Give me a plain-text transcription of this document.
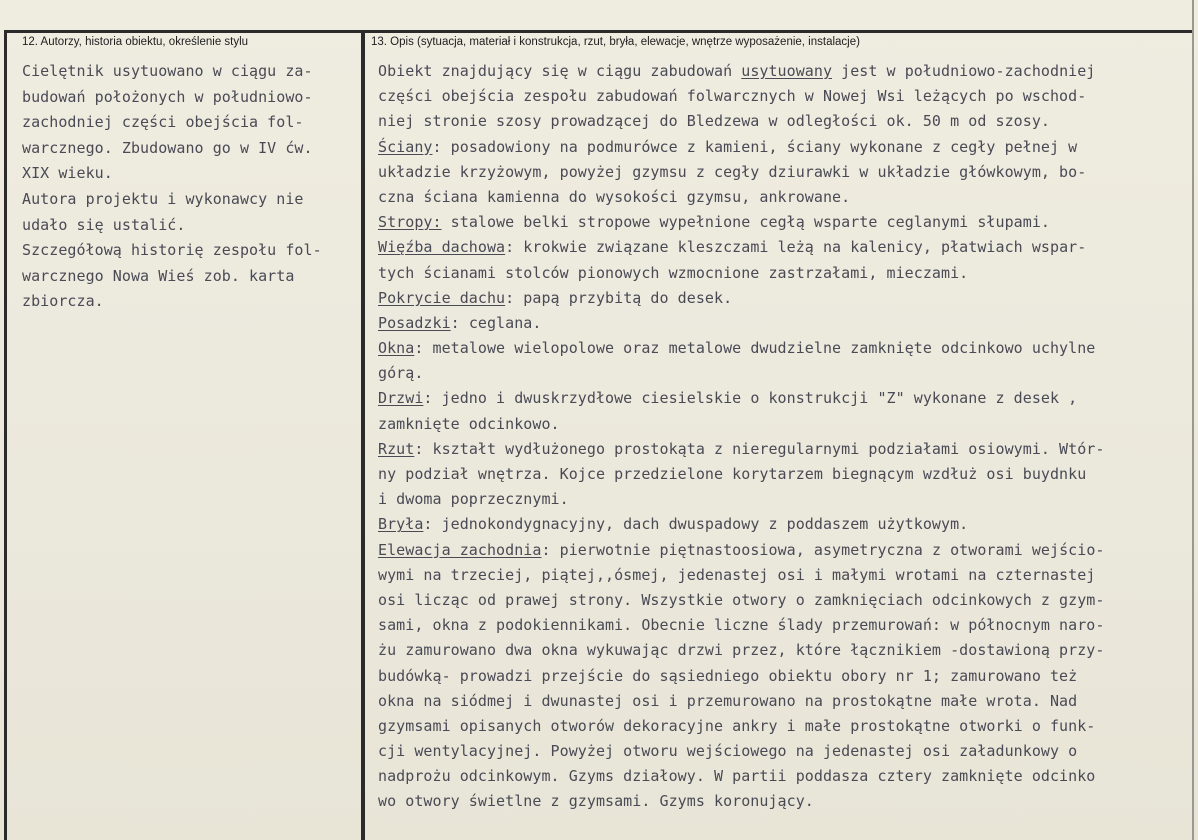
12. Autorzy, historia obiektu, określenie stylu	13. Opis (sytuacja, materiał i konstrukcja, rzut, bryła, elewacje, wnętrze wyposażenie, instalacje)
Cielętnik usytuowano w ciągu za-
budowań położonych w południowo-
zachodniej części obejścia fol-
warcznego. Zbudowano go w IV ćw.
XIX wieku.
Autora projektu i wykonawcy nie
udało się ustalić.
Szczegółową historię zespołu fol-
warcznego Nowa Wieś zob. karta
zbiorcza.
Obiekt znajdujący się w ciągu zabudowań usytuowany jest w południowo-zachodniej
części obejścia zespołu zabudowań folwarcznych w Nowej Wsi leżących po wschod-
niej stronie szosy prowadzącej do Bledzewa w odległości ok. 50 m od szosy.
Ściany: posadowiony na podmurówce z kamieni, ściany wykonane z cegły pełnej w
układzie krzyżowym, powyżej gzymsu z cegły dziurawki w układzie główkowym, bo-
czna ściana kamienna do wysokości gzymsu, ankrowane.
Stropy: stalowe belki stropowe wypełnione cegłą wsparte ceglanymi słupami.
Więźba dachowa: krokwie związane kleszczami leżą na kalenicy, płatwiach wspar-
tych ścianami stolców pionowych wzmocnione zastrzałami, mieczami.
Pokrycie dachu: papą przybitą do desek.
Posadzki: ceglana.
Okna: metalowe wielopolowe oraz metalowe dwudzielne zamknięte odcinkowo uchylne
górą.
Drzwi: jedno i dwuskrzydłowe ciesielskie o konstrukcji "Z" wykonane z desek ,
zamknięte odcinkowo.
Rzut: kształt wydłużonego prostokąta z nieregularnymi podziałami osiowymi. Wtór-
ny podział wnętrza. Kojce przedzielone korytarzem biegnącym wzdłuż osi buydnku
i dwoma poprzecznymi.
Bryła: jednokondygnacyjny, dach dwuspadowy z poddaszem użytkowym.
Elewacja zachodnia: pierwotnie piętnastoosiowa, asymetryczna z otworami wejścio-
wymi na trzeciej, piątej,,ósmej, jedenastej osi i małymi wrotami na czternastej
osi licząc od prawej strony. Wszystkie otwory o zamknięciach odcinkowych z gzym-
sami, okna z podokiennikami. Obecnie liczne ślady przemurowań: w północnym naro-
żu zamurowano dwa okna wykuwając drzwi przez, które łącznikiem -dostawioną przy-
budówką- prowadzi przejście do sąsiedniego obiektu obory nr 1; zamurowano też
okna na siódmej i dwunastej osi i przemurowano na prostokątne małe wrota. Nad
gzymsami opisanych otworów dekoracyjne ankry i małe prostokątne otworki o funk-
cji wentylacyjnej. Powyżej otworu wejściowego na jedenastej osi załadunkowy o
nadprożu odcinkowym. Gzyms działowy. W partii poddasza cztery zamknięte odcinko
wo otwory świetlne z gzymsami. Gzyms koronujący.
